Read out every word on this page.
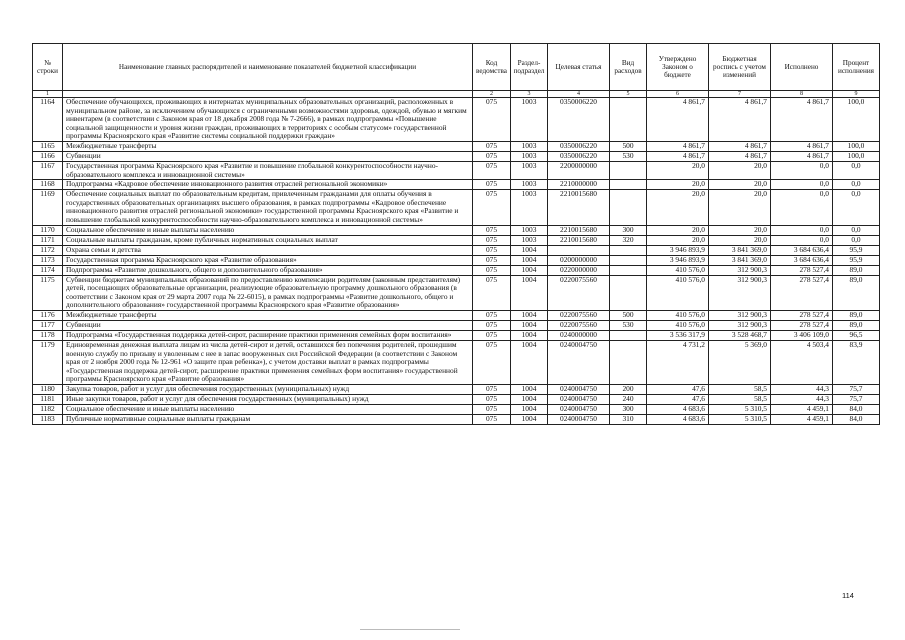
№ строки	Наименование главных распорядителей и наименование показателей бюджетной классификации	Код ведомства	Раздел- подраздел	Целевая статья	Вид расходов	Утверждено Законом о бюджете	Бюджетная роспись с учетом изменений	Исполнено	Процент исполнения
1		2	3	4	5	6	7	8	9
1164	Обеспечение обучающихся, проживающих в интернатах муниципальных образовательных организаций, расположенных в муниципальном районе, за исключением обучающихся с ограниченными возможностями здоровья, одеждой, обувью и мягким инвентарем (в соответствии с Законом края от 18 декабря 2008 года № 7-2666), в рамках подпрограммы «Повышение социальной защищенности и уровня жизни граждан, проживающих в территориях с особым статусом» государственной программы Красноярского края «Развитие системы социальной поддержки граждан»	075	1003	0350006220		4 861,7	4 861,7	4 861,7	100,0
1165	Межбюджетные трансферты	075	1003	0350006220	500	4 861,7	4 861,7	4 861,7	100,0
1166	Субвенции	075	1003	0350006220	530	4 861,7	4 861,7	4 861,7	100,0
1167	Государственная программа Красноярского края «Развитие и повышение глобальной конкурентоспособности научно-образовательного комплекса и инновационной системы»	075	1003	2200000000		20,0	20,0	0,0	0,0
1168	Подпрограмма «Кадровое обеспечение инновационного развития отраслей региональной экономики»	075	1003	2210000000		20,0	20,0	0,0	0,0
1169	Обеспечение социальных выплат по образовательным кредитам, привлеченным гражданами для оплаты обучения в государственных образовательных организациях высшего образования, в рамках подпрограммы «Кадровое обеспечение инновационного развития отраслей региональной экономики» государственной программы Красноярского края «Развитие и повышение глобальной конкурентоспособности научно-образовательного комплекса и инновационной системы»	075	1003	2210015680		20,0	20,0	0,0	0,0
1170	Социальное обеспечение и иные выплаты населению	075	1003	2210015680	300	20,0	20,0	0,0	0,0
1171	Социальные выплаты гражданам, кроме публичных нормативных социальных выплат	075	1003	2210015680	320	20,0	20,0	0,0	0,0
1172	Охрана семьи и детства	075	1004			3 946 893,9	3 841 369,0	3 684 636,4	95,9
1173	Государственная программа Красноярского края «Развитие образования»	075	1004	0200000000		3 946 893,9	3 841 369,0	3 684 636,4	95,9
1174	Подпрограмма «Развитие дошкольного, общего и дополнительного образования»	075	1004	0220000000		410 576,0	312 900,3	278 527,4	89,0
1175	Субвенции бюджетам муниципальных образований по предоставлению компенсации родителям (законным представителям) детей, посещающих образовательные организации, реализующие образовательную программу дошкольного образования (в соответствии с Законом края от 29 марта 2007 года № 22-6015), в рамках подпрограммы «Развитие дошкольного, общего и дополнительного образования» государственной программы Красноярского края «Развитие образования»	075	1004	0220075560		410 576,0	312 900,3	278 527,4	89,0
1176	Межбюджетные трансферты	075	1004	0220075560	500	410 576,0	312 900,3	278 527,4	89,0
1177	Субвенции	075	1004	0220075560	530	410 576,0	312 900,3	278 527,4	89,0
1178	Подпрограмма «Государственная поддержка детей-сирот, расширение практики применения семейных форм воспитания»	075	1004	0240000000		3 536 317,9	3 528 468,7	3 406 109,0	96,5
1179	Единовременная денежная выплата лицам из числа детей-сирот и детей, оставшихся без попечения родителей, прошедшим военную службу по призыву и уволенным с нее в запас вооруженных сил Российской Федерации (в соответствии с Законом края от 2 ноября 2000 года № 12-961 «О защите прав ребенка»), с учетом доставки выплат в рамках подпрограммы «Государственная поддержка детей-сирот, расширение практики применения семейных форм воспитания» государственной программы Красноярского края «Развитие образования»	075	1004	0240004750		4 731,2	5 369,0	4 503,4	83,9
1180	Закупка товаров, работ и услуг для обеспечения государственных (муниципальных) нужд	075	1004	0240004750	200	47,6	58,5	44,3	75,7
1181	Иные закупки товаров, работ и услуг для обеспечения государственных (муниципальных) нужд	075	1004	0240004750	240	47,6	58,5	44,3	75,7
1182	Социальное обеспечение и иные выплаты населению	075	1004	0240004750	300	4 683,6	5 310,5	4 459,1	84,0
1183	Публичные нормативные социальные выплаты гражданам	075	1004	0240004750	310	4 683,6	5 310,5	4 459,1	84,0
114
